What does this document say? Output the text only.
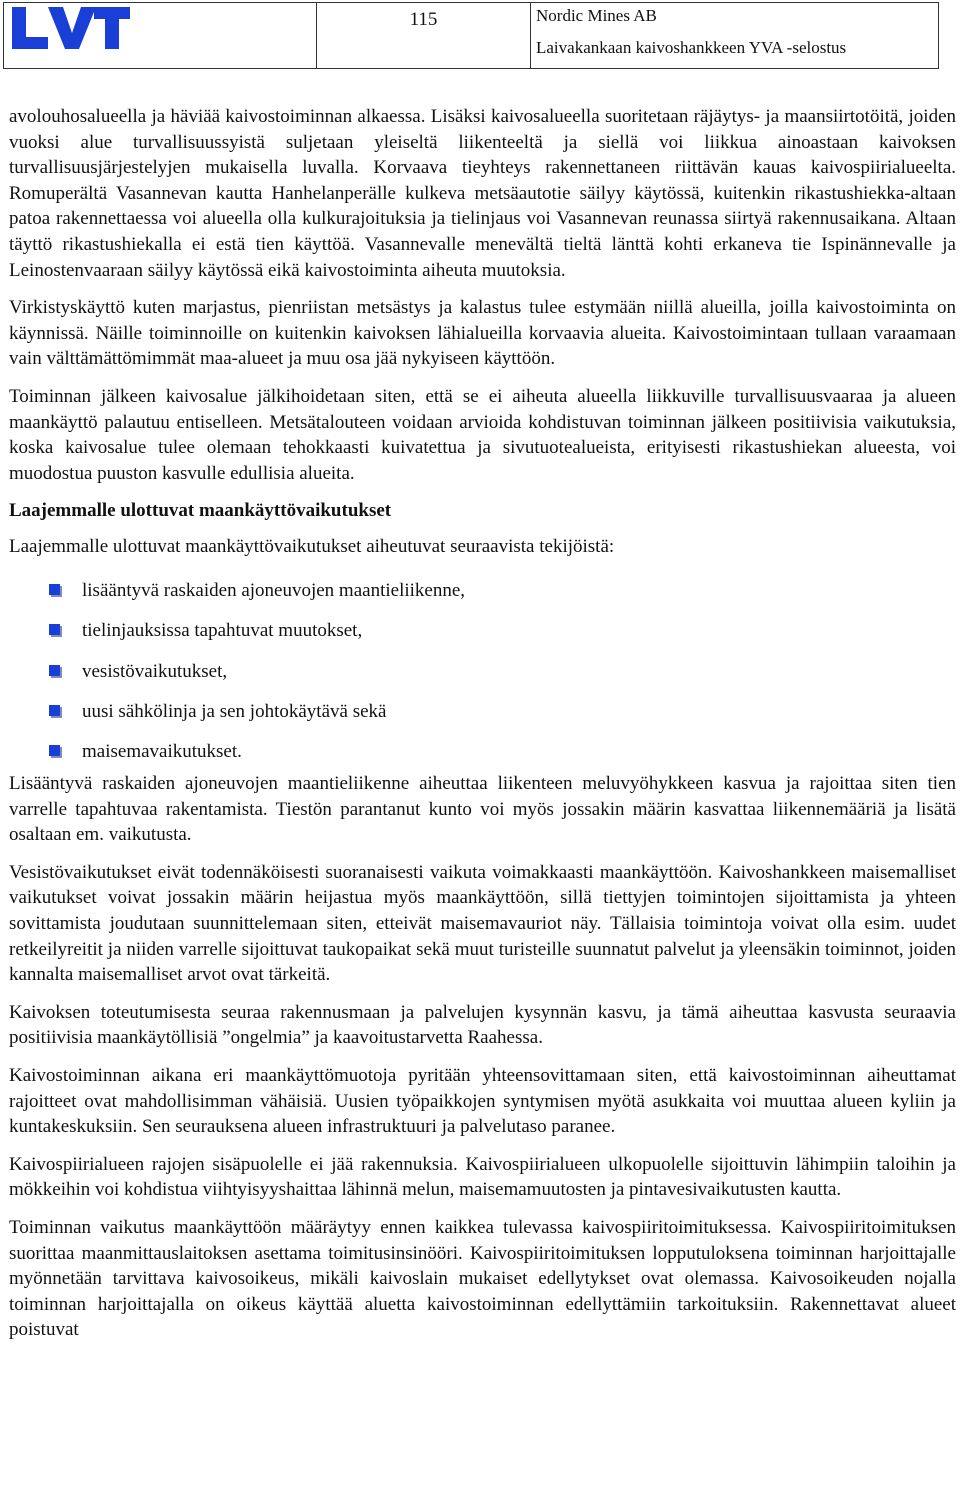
115	Nordic Mines AB
Laivakankaan kaivoshankkeen YVA -selostus

avolouhosalueella ja häviää kaivostoiminnan alkaessa. Lisäksi kaivosalueella suoritetaan räjäytys- ja maansiirtotöitä, joiden vuoksi alue turvallisuussyistä suljetaan yleiseltä liikenteeltä ja siellä voi liikkua ainoastaan kaivoksen turvallisuusjärjestelyjen mukaisella luvalla. Korvaava tieyhteys rakennettaneen riittävän kauas kaivospiirialueelta. Romuperältä Vasannevan kautta Hanhelanperälle kulkeva metsäautotie säilyy käytössä, kuitenkin rikastushiekka-altaan patoa rakennettaessa voi alueella olla kulkurajoituksia ja tielinjaus voi Vasannevan reunassa siirtyä rakennusaikana. Altaan täyttö rikastushiekalla ei estä tien käyttöä. Vasannevalle menevältä tieltä länttä kohti erkaneva tie Ispinännevalle ja Leinostenvaaraan säilyy käytössä eikä kaivostoiminta aiheuta muutoksia.

Virkistyskäyttö kuten marjastus, pienriistan metsästys ja kalastus tulee estymään niillä alueilla, joilla kaivostoiminta on käynnissä. Näille toiminnoille on kuitenkin kaivoksen lähialueilla korvaavia alueita. Kaivostoimintaan tullaan varaamaan vain välttämättömimmät maa-alueet ja muu osa jää nykyiseen käyttöön.

Toiminnan jälkeen kaivosalue jälkihoidetaan siten, että se ei aiheuta alueella liikkuville turvallisuusvaaraa ja alueen maankäyttö palautuu entiselleen. Metsätalouteen voidaan arvioida kohdistuvan toiminnan jälkeen positiivisia vaikutuksia, koska kaivosalue tulee olemaan tehokkaasti kuivatettua ja sivutuotealueista, erityisesti rikastushiekan alueesta, voi muodostua puuston kasvulle edullisia alueita.

Laajemmalle ulottuvat maankäyttövaikutukset

Laajemmalle ulottuvat maankäyttövaikutukset aiheutuvat seuraavista tekijöistä:

lisääntyvä raskaiden ajoneuvojen maantieliikenne,
tielinjauksissa tapahtuvat muutokset,
vesistövaikutukset,
uusi sähkölinja ja sen johtokäytävä sekä
maisemavaikutukset.

Lisääntyvä raskaiden ajoneuvojen maantieliikenne aiheuttaa liikenteen meluvyöhykkeen kasvua ja rajoittaa siten tien varrelle tapahtuvaa rakentamista. Tiestön parantanut kunto voi myös jossakin määrin kasvattaa liikennemääriä ja lisätä osaltaan em. vaikutusta.

Vesistövaikutukset eivät todennäköisesti suoranaisesti vaikuta voimakkaasti maankäyttöön. Kaivoshankkeen maisemalliset vaikutukset voivat jossakin määrin heijastua myös maankäyttöön, sillä tiettyjen toimintojen sijoittamista ja yhteen sovittamista joudutaan suunnittelemaan siten, etteivät maisemavauriot näy. Tällaisia toimintoja voivat olla esim. uudet retkeilyreitit ja niiden varrelle sijoittuvat taukopaikat sekä muut turisteille suunnatut palvelut ja yleensäkin toiminnot, joiden kannalta maisemalliset arvot ovat tärkeitä.

Kaivoksen toteutumisesta seuraa rakennusmaan ja palvelujen kysynnän kasvu, ja tämä aiheuttaa kasvusta seuraavia positiivisia maankäytöllisiä ”ongelmia” ja kaavoitustarvetta Raahessa.

Kaivostoiminnan aikana eri maankäyttömuotoja pyritään yhteensovittamaan siten, että kaivostoiminnan aiheuttamat rajoitteet ovat mahdollisimman vähäisiä. Uusien työpaikkojen syntymisen myötä asukkaita voi muuttaa alueen kyliin ja kuntakeskuksiin. Sen seurauksena alueen infrastruktuuri ja palvelutaso paranee.

Kaivospiirialueen rajojen sisäpuolelle ei jää rakennuksia. Kaivospiirialueen ulkopuolelle sijoittuvin lähimpiin taloihin ja mökkeihin voi kohdistua viihtyisyyshaittaa lähinnä melun, maisemamuutosten ja pintavesivaikutusten kautta.

Toiminnan vaikutus maankäyttöön määräytyy ennen kaikkea tulevassa kaivospiiritoimituksessa. Kaivospiiritoimituksen suorittaa maanmittauslaitoksen asettama toimitusinsinööri. Kaivospiiritoimituksen lopputuloksena toiminnan harjoittajalle myönnetään tarvittava kaivosoikeus, mikäli kaivoslain mukaiset edellytykset ovat olemassa. Kaivosoikeuden nojalla toiminnan harjoittajalla on oikeus käyttää aluetta kaivostoiminnan edellyttämiin tarkoituksiin. Rakennettavat alueet poistuvat
